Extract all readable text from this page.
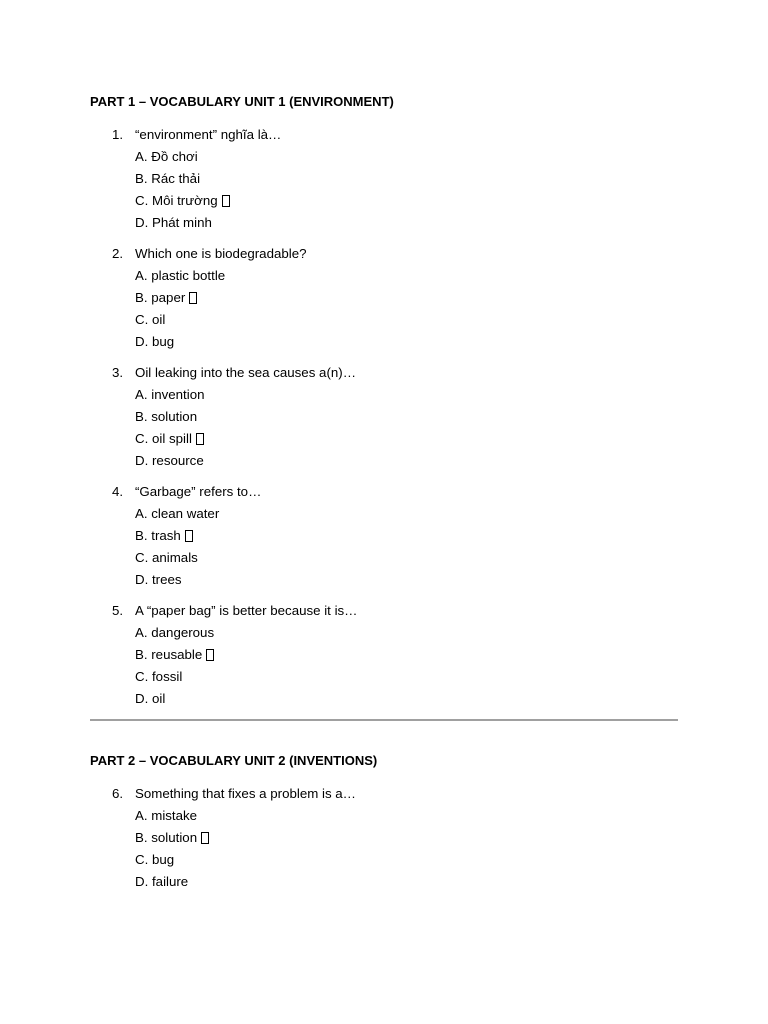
PART 1 – VOCABULARY UNIT 1 (ENVIRONMENT)
1. “environment” nghĩa là…
A. Đồ chơi
B. Rác thải
C. Môi trường
D. Phát minh
2. Which one is biodegradable?
A. plastic bottle
B. paper
C. oil
D. bug
3. Oil leaking into the sea causes a(n)…
A. invention
B. solution
C. oil spill
D. resource
4. “Garbage” refers to…
A. clean water
B. trash
C. animals
D. trees
5. A “paper bag” is better because it is…
A. dangerous
B. reusable
C. fossil
D. oil
PART 2 – VOCABULARY UNIT 2 (INVENTIONS)
6. Something that fixes a problem is a…
A. mistake
B. solution
C. bug
D. failure
